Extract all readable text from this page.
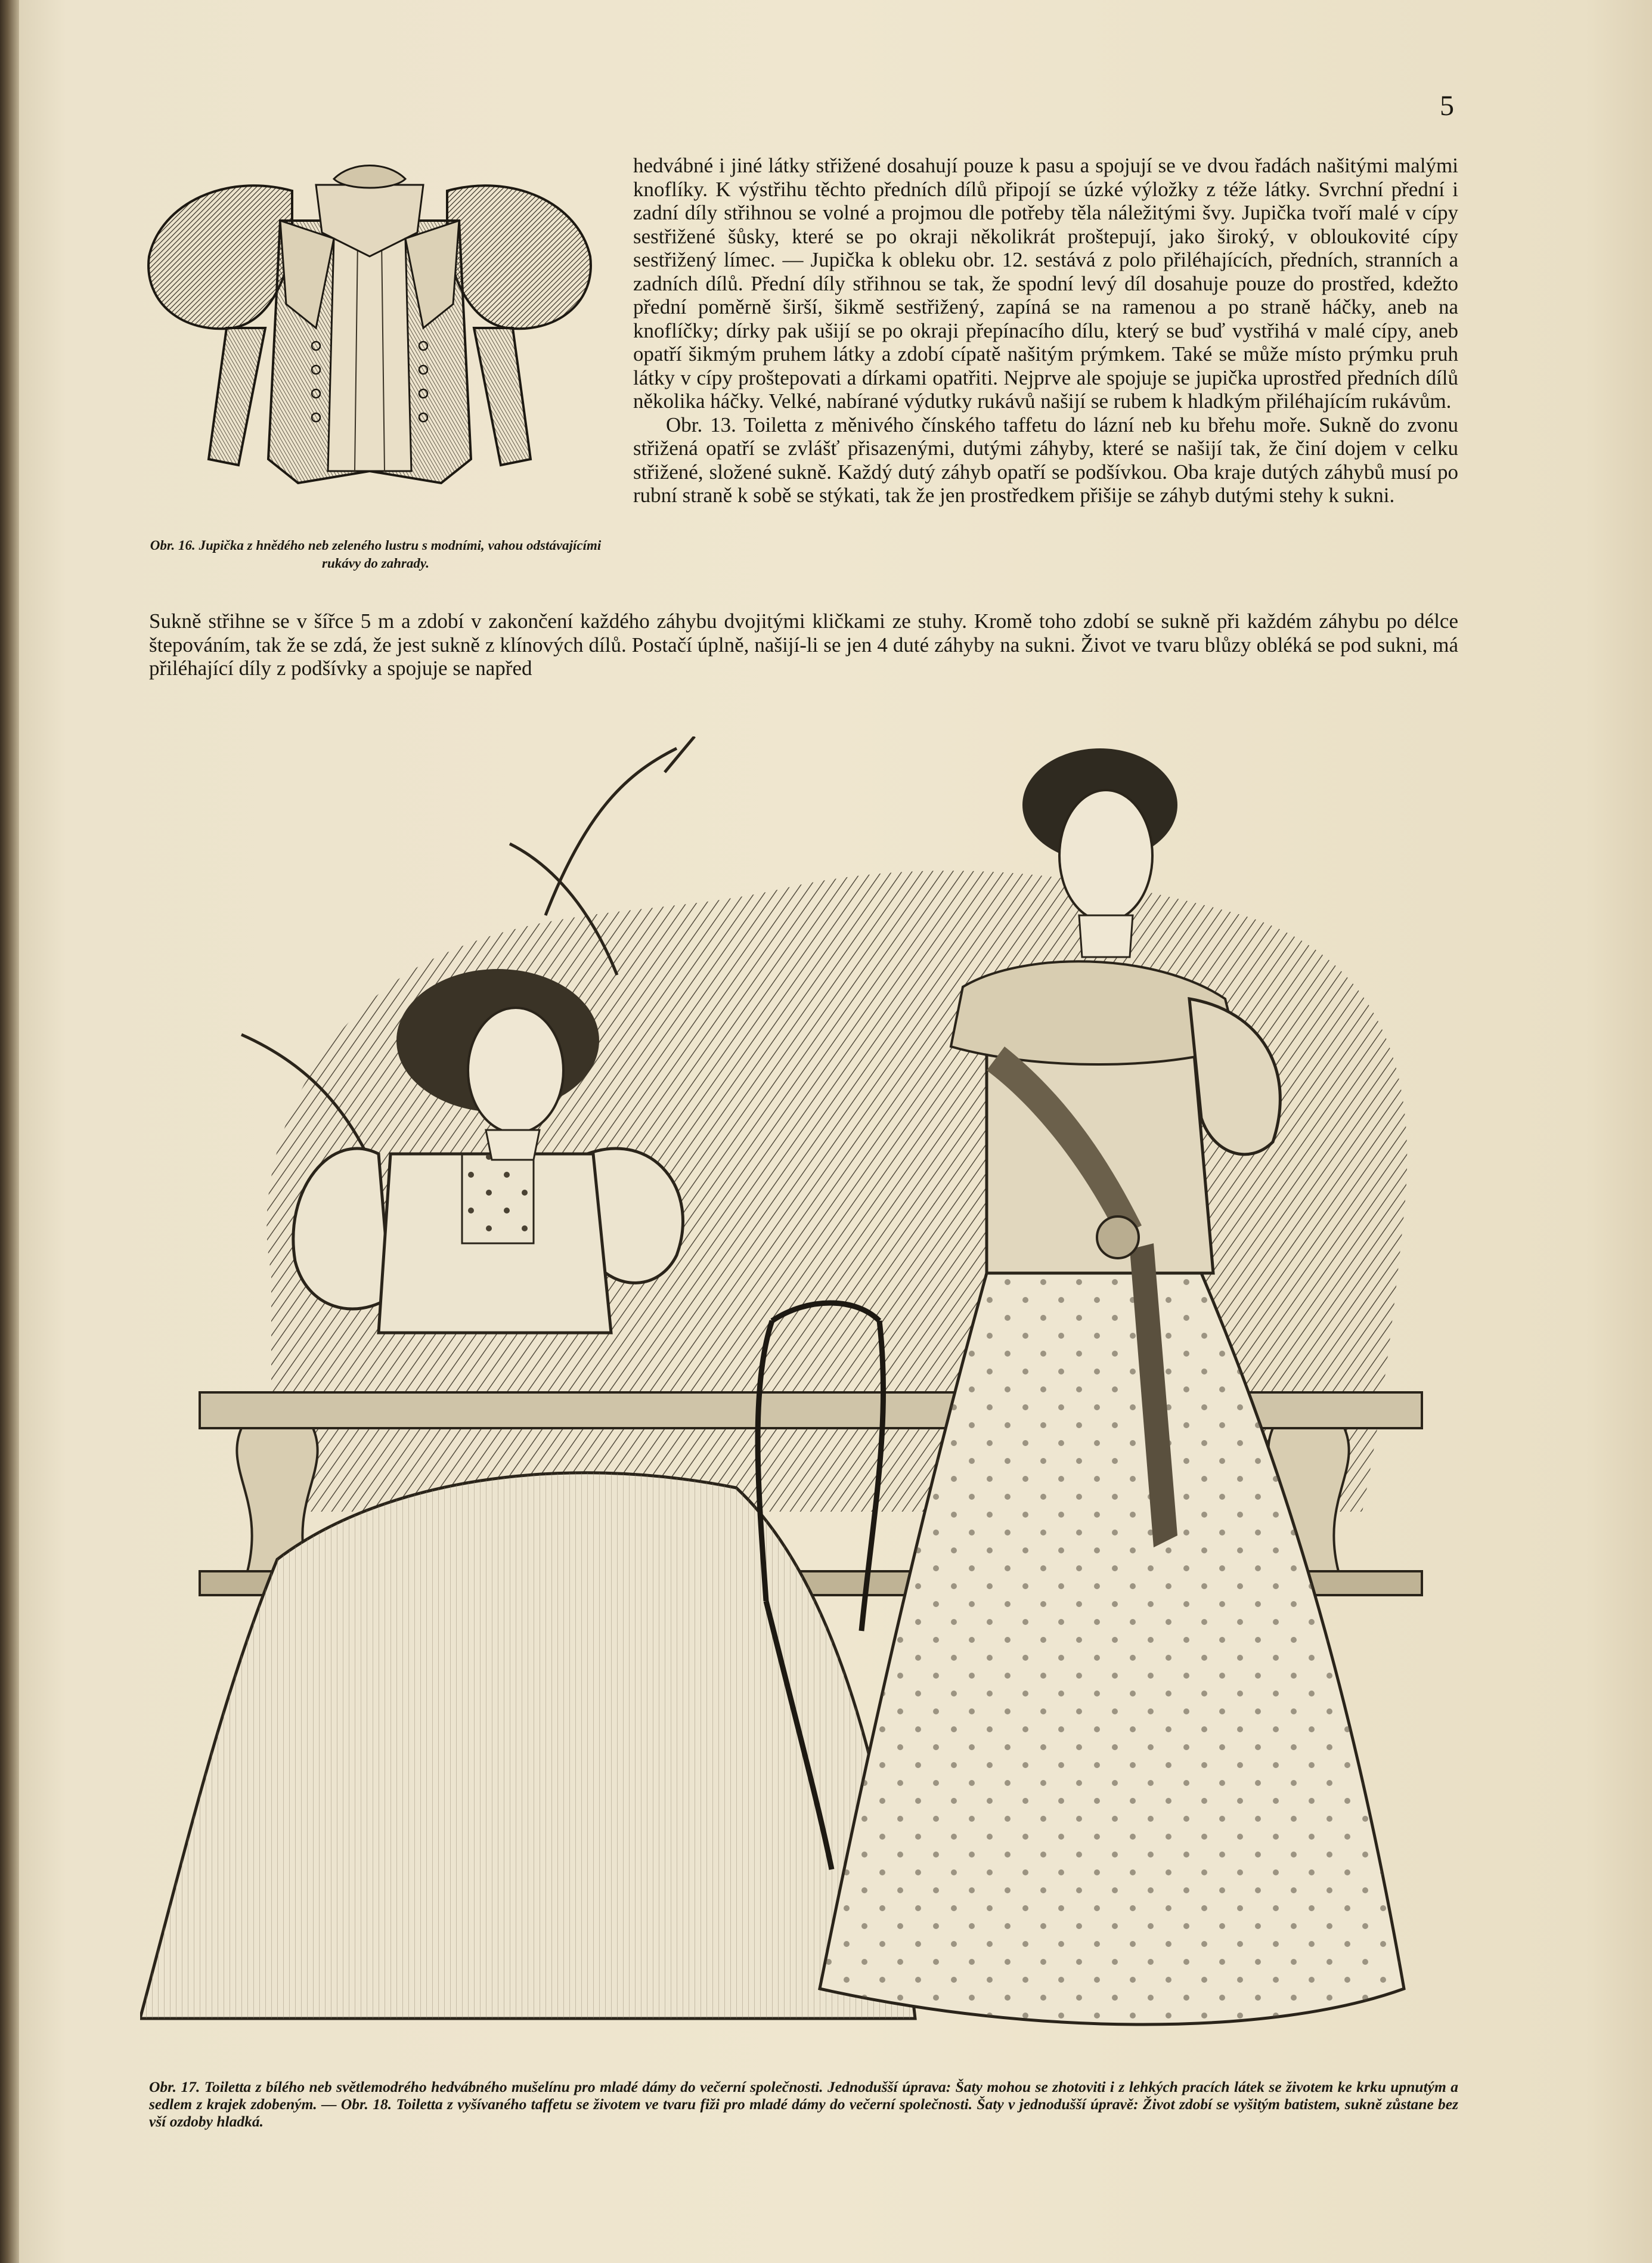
5
Obr. 16. Jupička z hnědého neb zeleného lustru s modními, vahou odstávajícími rukávy do zahrady.

hedvábné i jiné látky střižené dosahují pouze k pasu a spojují se ve dvou řadách našitými malými knoflíky. K výstřihu těchto předních dílů připojí se úzké výložky z téže látky. Svrchní přední i zadní díly střihnou se volné a projmou dle potřeby těla náležitými švy. Jupička tvoří malé v cípy sestřižené šůsky, které se po okraji několikrát proštepují, jako široký, v obloukovité cípy sestřižený límec. — Jupička k obleku obr. 12. sestává z polo přiléhajících, předních, stranních a zadních dílů. Přední díly střihnou se tak, že spodní levý díl dosahuje pouze do prostřed, kdežto přední poměrně širší, šikmě sestřižený, zapíná se na ramenou a po straně háčky, aneb na knoflíčky; dírky pak ušijí se po okraji přepínacího dílu, který se buď vystřihá v malé cípy, aneb opatří šikmým pruhem látky a zdobí cípatě našitým prýmkem. Také se může místo prýmku pruh látky v cípy proštepovati a dírkami opatřiti. Nejprve ale spojuje se jupička uprostřed předních dílů několika háčky. Velké, nabírané výdutky rukávů našijí se rubem k hladkým přiléhajícím rukávům.

Obr. 13. Toiletta z měnivého čínského taffetu do lázní neb ku břehu moře. Sukně do zvonu střižená opatří se zvlášť přisazenými, dutými záhyby, které se našijí tak, že činí dojem v celku střižené, složené sukně. Každý dutý záhyb opatří se podšívkou. Oba kraje dutých záhybů musí po rubní straně k sobě se stýkati, tak že jen prostředkem přišije se záhyb dutými stehy k sukni.

Sukně střihne se v šířce 5 m a zdobí v zakončení každého záhybu dvojitými kličkami ze stuhy. Kromě toho zdobí se sukně při každém záhybu po délce štepováním, tak že se zdá, že jest sukně z klínových dílů. Postačí úplně, našijí-li se jen 4 duté záhyby na sukni. Život ve tvaru blůzy obléká se pod sukni, má přiléhající díly z podšívky a spojuje se napřed

Obr. 17. Toiletta z bílého neb světlemodrého hedvábného mušelínu pro mladé dámy do večerní společnosti. Jednodušší úprava: Šaty mohou se zhotoviti i z lehkých pracích látek se životem ke krku upnutým a sedlem z krajek zdobeným. — Obr. 18. Toiletta z vyšívaného taffetu se životem ve tvaru fiži pro mladé dámy do večerní společnosti. Šaty v jednodušší úpravě: Život zdobí se vyšitým batistem, sukně zůstane bez vší ozdoby hladká.
